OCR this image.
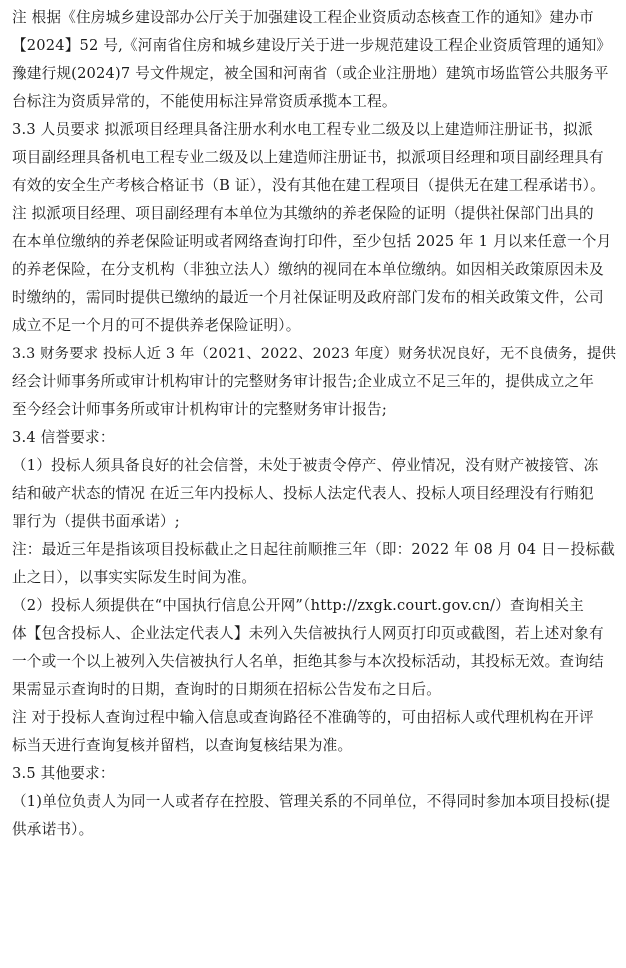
注 根据《住房城乡建设部办公厅关于加强建设工程企业资质动态核查工作的通知》建办市
【2024】52 号,《河南省住房和城乡建设厅关于进一步规范建设工程企业资质管理的通知》
豫建行规(2024)7 号文件规定，被全国和河南省（或企业注册地）建筑市场监管公共服务平
台标注为资质异常的，不能使用标注异常资质承揽本工程。
3.3 人员要求 拟派项目经理具备注册水利水电工程专业二级及以上建造师注册证书，拟派
项目副经理具备机电工程专业二级及以上建造师注册证书，拟派项目经理和项目副经理具有
有效的安全生产考核合格证书（B 证），没有其他在建工程项目（提供无在建工程承诺书）。
注 拟派项目经理、项目副经理有本单位为其缴纳的养老保险的证明（提供社保部门出具的
在本单位缴纳的养老保险证明或者网络查询打印件，至少包括 2025 年 1 月以来任意一个月
的养老保险，在分支机构（非独立法人）缴纳的视同在本单位缴纳。如因相关政策原因未及
时缴纳的，需同时提供已缴纳的最近一个月社保证明及政府部门发布的相关政策文件，公司
成立不足一个月的可不提供养老保险证明）。
3.3 财务要求 投标人近 3 年（2021、2022、2023 年度）财务状况良好，无不良债务，提供
经会计师事务所或审计机构审计的完整财务审计报告;企业成立不足三年的，提供成立之年
至今经会计师事务所或审计机构审计的完整财务审计报告;
3.4 信誉要求：
（1）投标人须具备良好的社会信誉，未处于被责令停产、停业情况，没有财产被接管、冻
结和破产状态的情况 在近三年内投标人、投标人法定代表人、投标人项目经理没有行贿犯
罪行为（提供书面承诺）;
注：最近三年是指该项目投标截止之日起往前顺推三年（即：2022 年 08 月 04 日－投标截
止之日），以事实实际发生时间为准。
（2）投标人须提供在“中国执行信息公开网”（http://zxgk.court.gov.cn/）查询相关主
体【包含投标人、企业法定代表人】未列入失信被执行人网页打印页或截图，若上述对象有
一个或一个以上被列入失信被执行人名单，拒绝其参与本次投标活动，其投标无效。查询结
果需显示查询时的日期，查询时的日期须在招标公告发布之日后。
注 对于投标人查询过程中输入信息或查询路径不准确等的，可由招标人或代理机构在开评
标当天进行查询复核并留档，以查询复核结果为准。
3.5 其他要求：
（1)单位负责人为同一人或者存在控股、管理关系的不同单位，不得同时参加本项目投标(提
供承诺书）。
